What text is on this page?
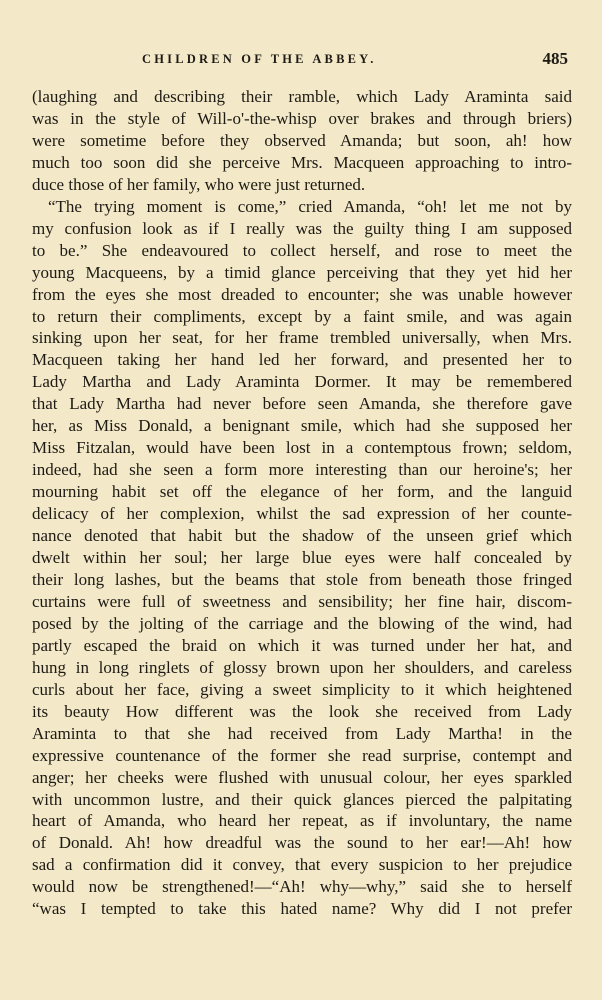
CHILDREN OF THE ABBEY.	485
(laughing and describing their ramble, which Lady Araminta said
was in the style of Will-o'-the-whisp over brakes and through briers)
were sometime before they observed Amanda; but soon, ah! how
much too soon did she perceive Mrs. Macqueen approaching to intro-
duce those of her family, who were just returned.
“The trying moment is come,” cried Amanda, “oh! let me not by
my confusion look as if I really was the guilty thing I am supposed
to be.” She endeavoured to collect herself, and rose to meet the
young Macqueens, by a timid glance perceiving that they yet hid her
from the eyes she most dreaded to encounter; she was unable however
to return their compliments, except by a faint smile, and was again
sinking upon her seat, for her frame trembled universally, when Mrs.
Macqueen taking her hand led her forward, and presented her to
Lady Martha and Lady Araminta Dormer. It may be remembered
that Lady Martha had never before seen Amanda, she therefore gave
her, as Miss Donald, a benignant smile, which had she supposed her
Miss Fitzalan, would have been lost in a contemptous frown; seldom,
indeed, had she seen a form more interesting than our heroine's; her
mourning habit set off the elegance of her form, and the languid
delicacy of her complexion, whilst the sad expression of her counte-
nance denoted that habit but the shadow of the unseen grief which
dwelt within her soul; her large blue eyes were half concealed by
their long lashes, but the beams that stole from beneath those fringed
curtains were full of sweetness and sensibility; her fine hair, discom-
posed by the jolting of the carriage and the blowing of the wind, had
partly escaped the braid on which it was turned under her hat, and
hung in long ringlets of glossy brown upon her shoulders, and careless
curls about her face, giving a sweet simplicity to it which heightened
its beauty How different was the look she received from Lady
Araminta to that she had received from Lady Martha! in the
expressive countenance of the former she read surprise, contempt and
anger; her cheeks were flushed with unusual colour, her eyes sparkled
with uncommon lustre, and their quick glances pierced the palpitating
heart of Amanda, who heard her repeat, as if involuntary, the name
of Donald. Ah! how dreadful was the sound to her ear!—Ah! how
sad a confirmation did it convey, that every suspicion to her prejudice
would now be strengthened!—“Ah! why—why,” said she to herself
“was I tempted to take this hated name? Why did I not prefer
